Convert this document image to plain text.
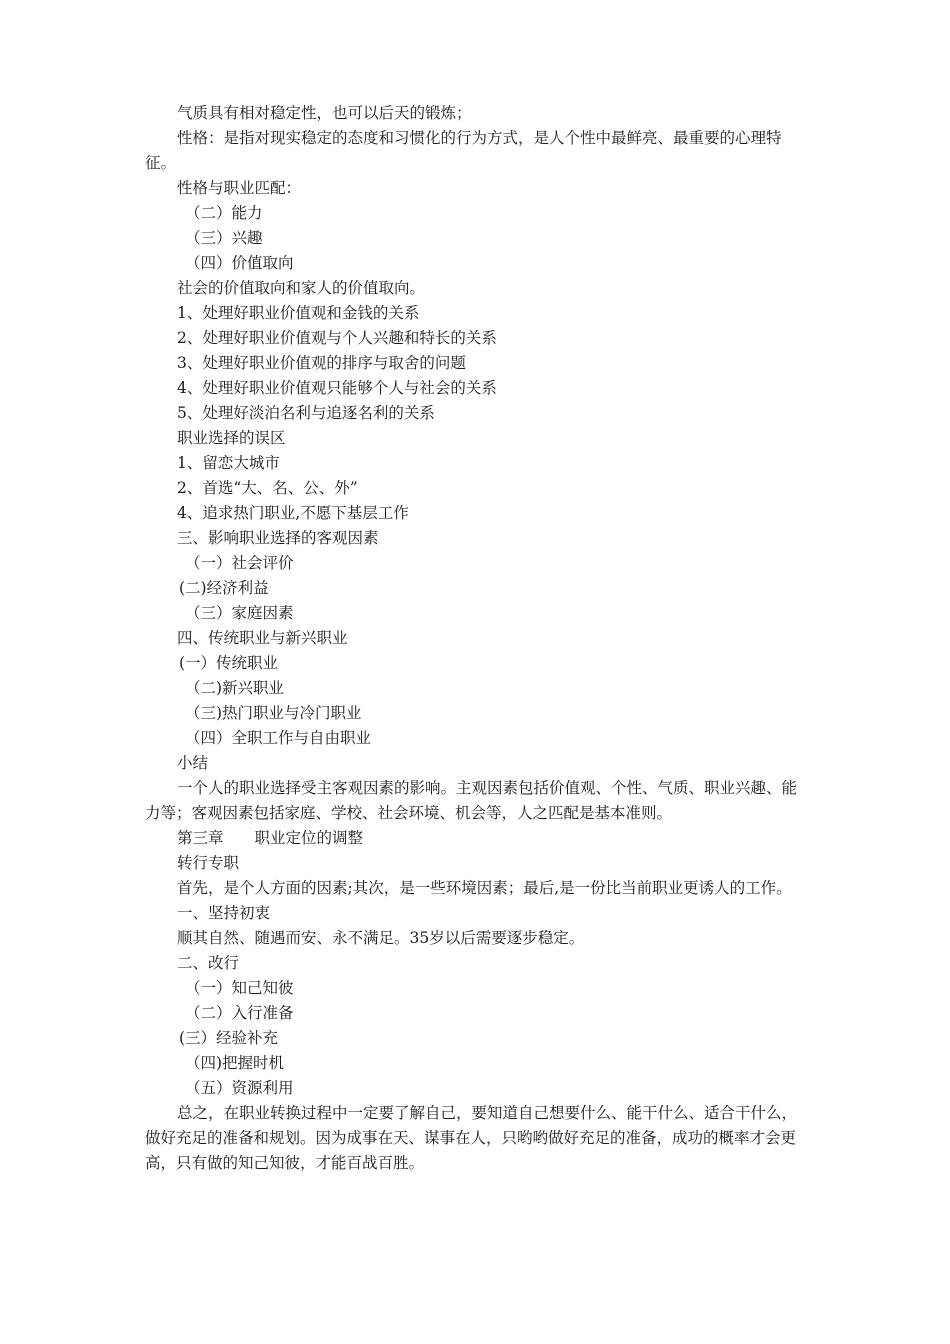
气质具有相对稳定性，也可以后天的锻炼；

性格：是指对现实稳定的态度和习惯化的行为方式，是人个性中最鲜亮、最重要的心理特征。

性格与职业匹配：

（二）能力

（三）兴趣

（四）价值取向

社会的价值取向和家人的价值取向。

1、处理好职业价值观和金钱的关系

2、处理好职业价值观与个人兴趣和特长的关系

3、处理好职业价值观的排序与取舍的问题

4、处理好职业价值观只能够个人与社会的关系

5、处理好淡泊名利与追逐名利的关系

职业选择的误区

1、留恋大城市

2、首选“大、名、公、外”

4、追求热门职业,不愿下基层工作

三、影响职业选择的客观因素

（一）社会评价

(二)经济利益

（三）家庭因素

四、传统职业与新兴职业

(一）传统职业

（二)新兴职业

（三)热门职业与冷门职业

（四）全职工作与自由职业

小结

一个人的职业选择受主客观因素的影响。主观因素包括价值观、个性、气质、职业兴趣、能力等；客观因素包括家庭、学校、社会环境、机会等，人之匹配是基本准则。

第三章　　职业定位的调整

转行专职

首先，是个人方面的因素;其次，是一些环境因素；最后,是一份比当前职业更诱人的工作。

一、坚持初衷

顺其自然、随遇而安、永不满足。35岁以后需要逐步稳定。

二、改行

（一）知己知彼

（二）入行准备

(三）经验补充

（四)把握时机

（五）资源利用

总之，在职业转换过程中一定要了解自己，要知道自己想要什么、能干什么、适合干什么，做好充足的准备和规划。因为成事在天、谋事在人，只哟哟做好充足的准备，成功的概率才会更高，只有做的知己知彼，才能百战百胜。
